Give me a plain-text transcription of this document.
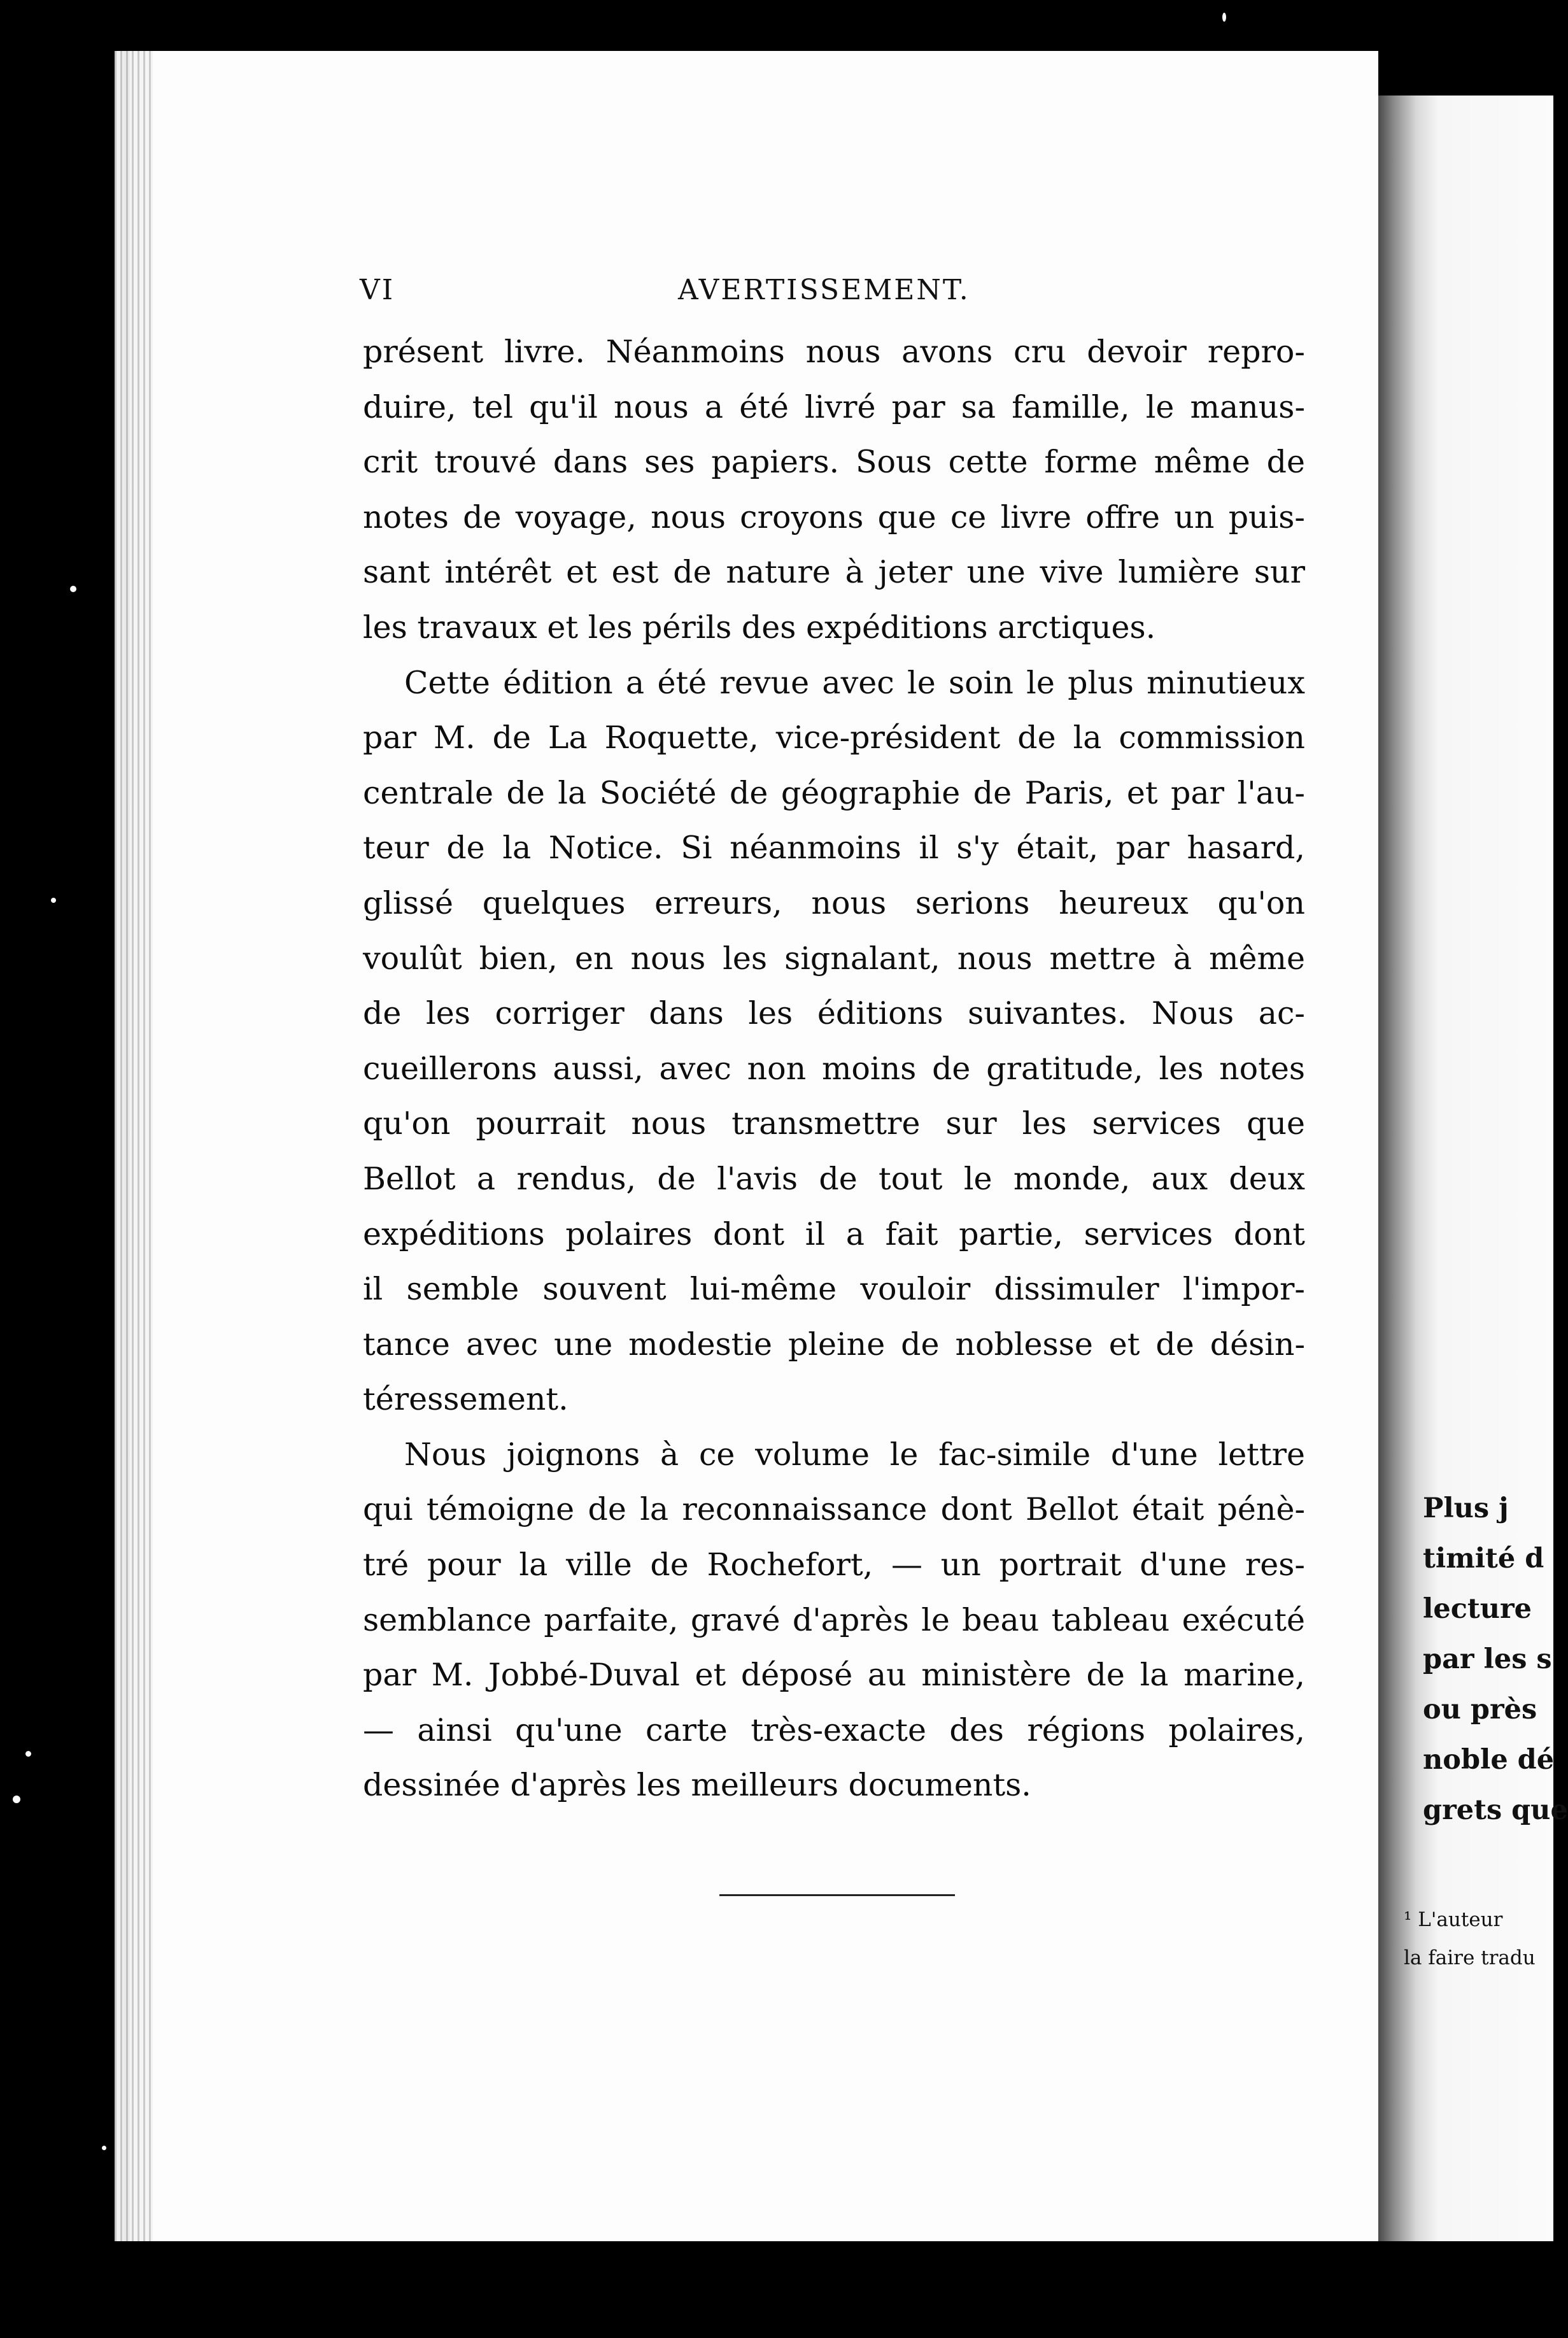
VI	AVERTISSEMENT.
présent livre. Néanmoins nous avons cru devoir repro-
duire, tel qu'il nous a été livré par sa famille, le manus-
crit trouvé dans ses papiers. Sous cette forme même de
notes de voyage, nous croyons que ce livre offre un puis-
sant intérêt et est de nature à jeter une vive lumière sur
les travaux et les périls des expéditions arctiques.
Cette édition a été revue avec le soin le plus minutieux
par M. de La Roquette, vice-président de la commission
centrale de la Société de géographie de Paris, et par l'au-
teur de la Notice. Si néanmoins il s'y était, par hasard,
glissé quelques erreurs, nous serions heureux qu'on
voulût bien, en nous les signalant, nous mettre à même
de les corriger dans les éditions suivantes. Nous ac-
cueillerons aussi, avec non moins de gratitude, les notes
qu'on pourrait nous transmettre sur les services que
Bellot a rendus, de l'avis de tout le monde, aux deux
expéditions polaires dont il a fait partie, services dont
il semble souvent lui-même vouloir dissimuler l'impor-
tance avec une modestie pleine de noblesse et de désin-
téressement.
Nous joignons à ce volume le fac-simile d'une lettre
qui témoigne de la reconnaissance dont Bellot était pénè-
tré pour la ville de Rochefort, — un portrait d'une res-
semblance parfaite, gravé d'après le beau tableau exécuté
par M. Jobbé-Duval et déposé au ministère de la marine,
— ainsi qu'une carte très-exacte des régions polaires,
dessinée d'après les meilleurs documents.
Plus j
timité d
lecture
par les s
ou près
noble dé
grets que
¹ L'auteur
la faire tradu
